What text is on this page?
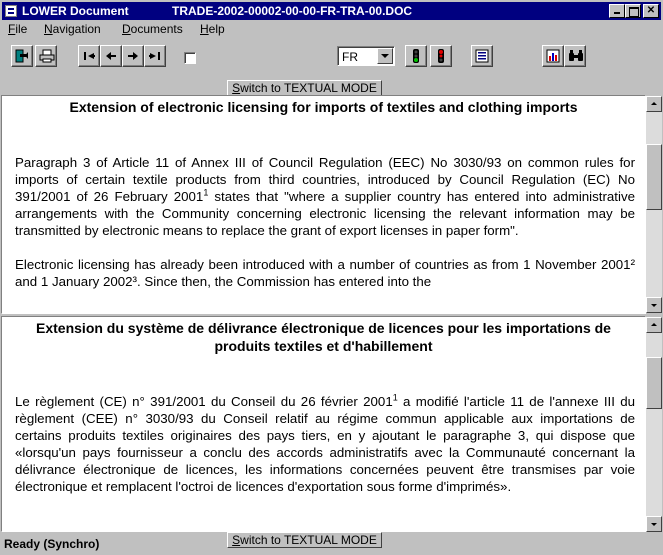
LOWER Document	TRADE-2002-00002-00-00-FR-TRA-00.DOC	✕
File Navigation Documents Help
FR
Switch to TEXTUAL MODE
Extension of electronic licensing for imports of textiles and clothing imports
Paragraph 3 of Article 11 of Annex III of Council Regulation (EEC) No 3030/93 on common rules for imports of certain textile products from third countries, introduced by Council Regulation (EC) No 391/2001 of 26 February 2001$^1$ states that "where a supplier country has entered into administrative arrangements with the Community concerning electronic licensing the relevant information may be transmitted by electronic means to replace the grant of export licenses in paper form".
Electronic licensing has already been introduced with a number of countries as from 1 November 2001² and 1 January 2002³. Since then, the Commission has entered into the
Extension du système de délivrance électronique de licences pour les importations de produits textiles et d'habillement
Le règlement (CE) n° 391/2001 du Conseil du 26 février 2001$^1$ a modifié l'article 11 de l'annexe III du règlement (CEE) n° 3030/93 du Conseil relatif au régime commun applicable aux importations de certains produits textiles originaires des pays tiers, en y ajoutant le paragraphe 3, qui dispose que «lorsqu'un pays fournisseur a conclu des accords administratifs avec la Communauté concernant la délivrance électronique de licences, les informations concernées peuvent être transmises par voie électronique et remplacent l'octroi de licences d'exportation sous forme d'imprimés».
Ready (Synchro)	Switch to TEXTUAL MODE
